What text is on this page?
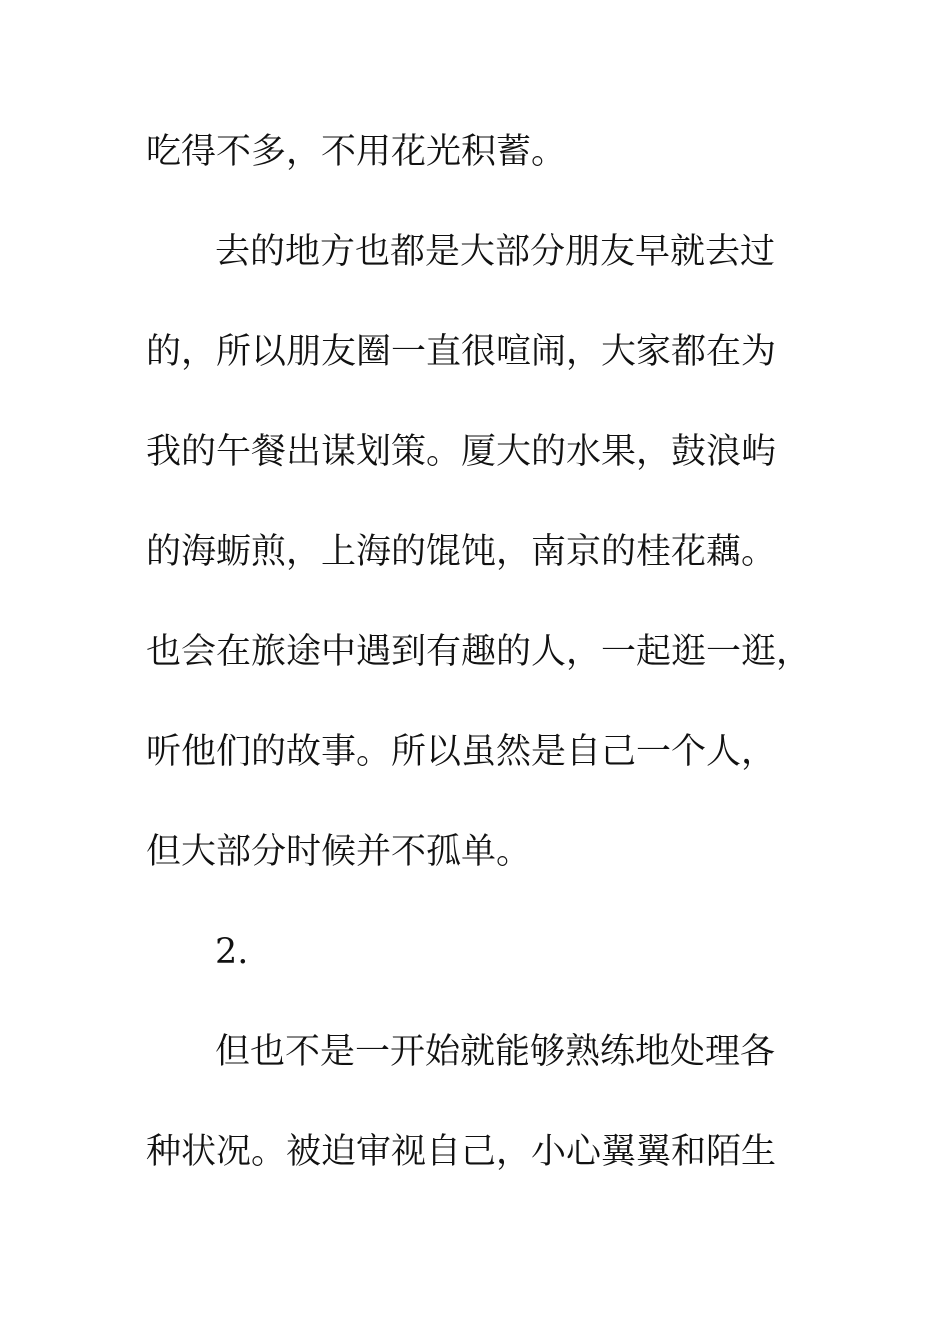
吃得不多，不用花光积蓄。

去的地方也都是大部分朋友早就去过

的，所以朋友圈一直很喧闹，大家都在为

我的午餐出谋划策。厦大的水果，鼓浪屿

的海蛎煎，上海的馄饨，南京的桂花藕。

也会在旅途中遇到有趣的人，一起逛一逛，

听他们的故事。所以虽然是自己一个人，

但大部分时候并不孤单。

2.

但也不是一开始就能够熟练地处理各

种状况。被迫审视自己，小心翼翼和陌生
